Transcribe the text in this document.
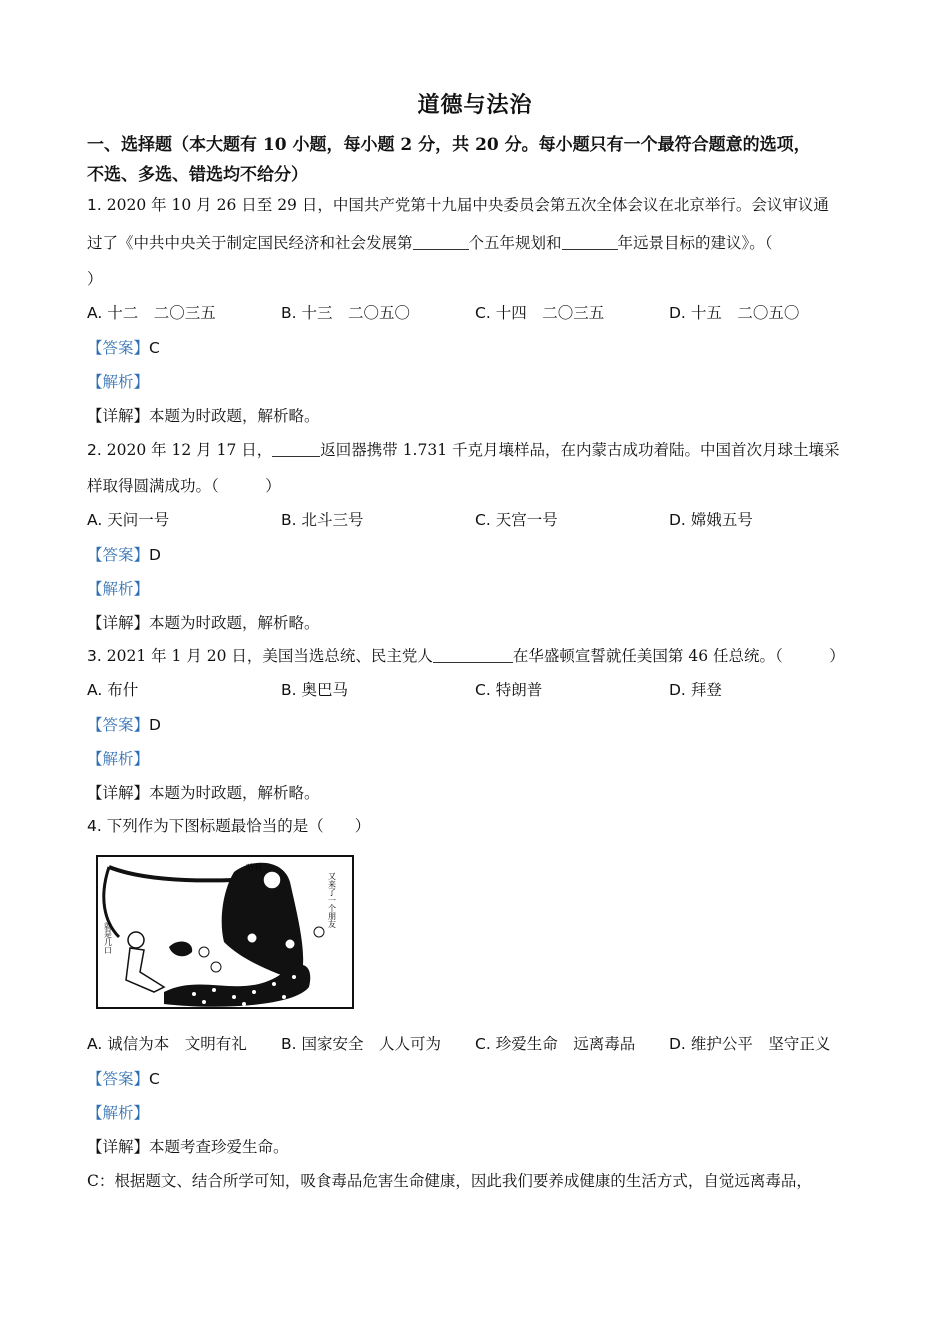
道德与法治
一、选择题（本大题有 10 小题，每小题 2 分，共 20 分。每小题只有一个最符合题意的选项，
不选、多选、错选均不给分）
1. 2020 年 10 月 26 日至 29 日，中国共产党第十九届中央委员会第五次全体会议在北京举行。会议审议通
过了《中共中央关于制定国民经济和社会发展第	个五年规划和	年远景目标的建议》。（
）
A. 十二　二〇三五	B. 十三　二〇五〇	C. 十四　二〇三五	D. 十五　二〇五〇
【答案】C
【解析】
【详解】本题为时政题，解析略。
2. 2020 年 12 月 17 日，	返回器携带 1.731 千克月壤样品，在内蒙古成功着陆。中国首次月球土壤采
样取得圆满成功。（　　　）
A. 天问一号	B. 北斗三号	C. 天宫一号	D. 嫦娥五号
【答案】D
【解析】
【详解】本题为时政题，解析略。
3. 2021 年 1 月 20 日，美国当选总统、民主党人	在华盛顿宣誓就任美国第 46 任总统。（　　　）
A. 布什	B. 奥巴马	C. 特朗普	D. 拜登
【答案】D
【解析】
【详解】本题为时政题，解析略。
4. 下列作为下图标题最恰当的是（　　）
就是几口
哈哈
又来了一个朋友
A. 诚信为本　文明有礼 B. 国家安全　人人可为 C. 珍爱生命　远离毒品 D. 维护公平　坚守正义
【答案】C
【解析】
【详解】本题考查珍爱生命。
C：根据题文、结合所学可知，吸食毒品危害生命健康，因此我们要养成健康的生活方式，自觉远离毒品，
